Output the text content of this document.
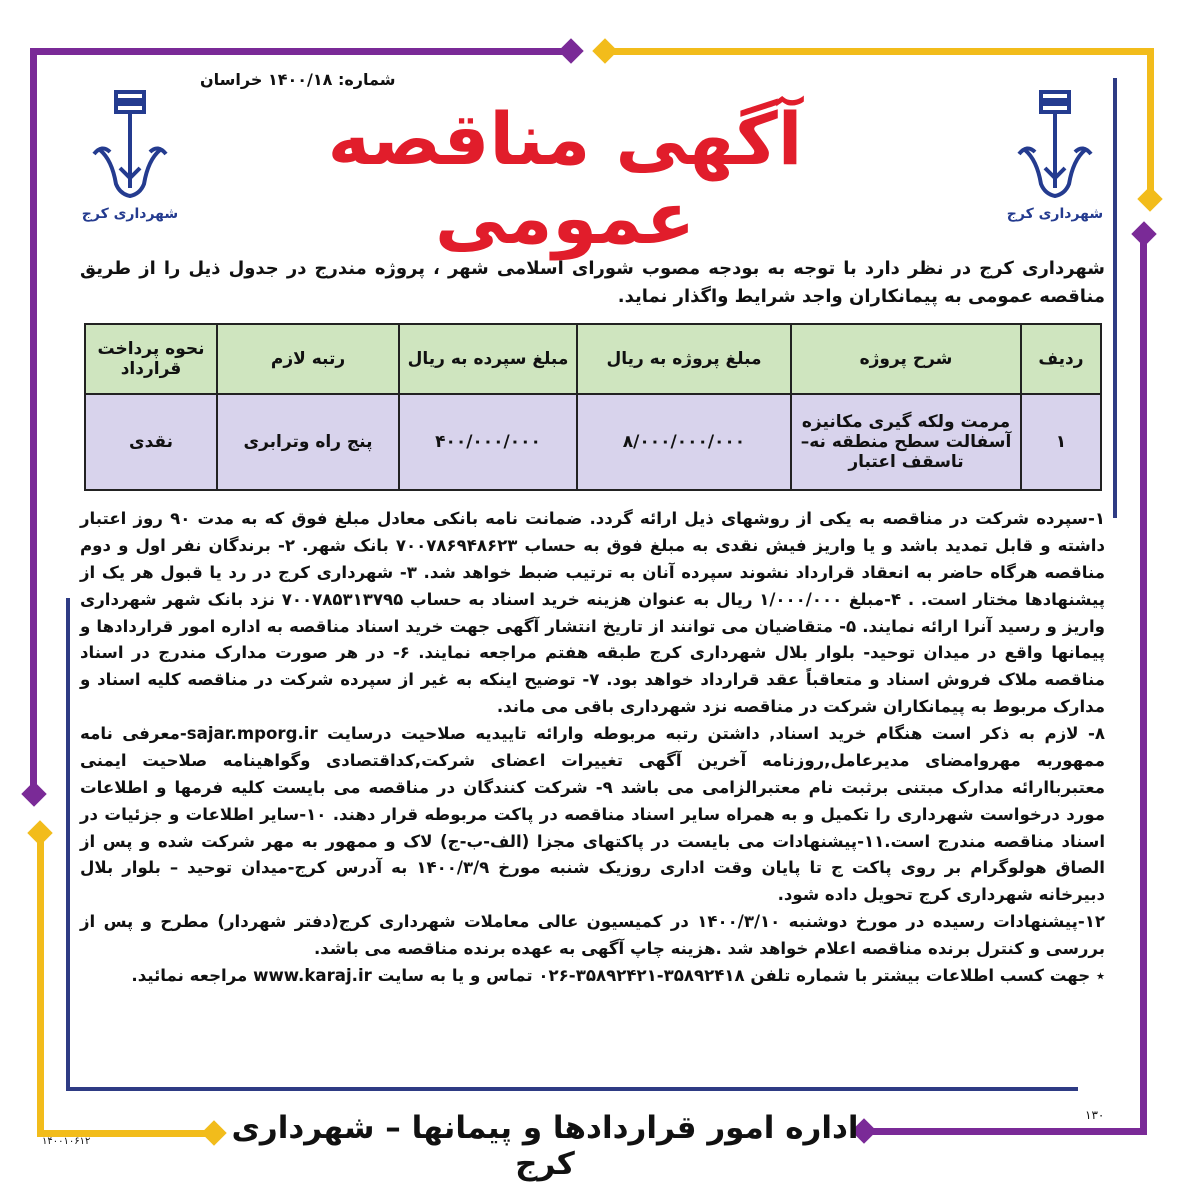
شماره: ۱۴۰۰/۱۸ خراسان
آگهی مناقصه عمومی
شهرداری کرج	شهرداری کرج
شهرداری کرج در نظر دارد با توجه به بودجه مصوب شورای اسلامی شهر ، پروژه مندرج در جدول ذیل را از طریق مناقصه عمومی به پیمانکاران واجد شرایط واگذار نماید.
ردیف	شرح پروژه	مبلغ پروژه به ریال	مبلغ سپرده به ریال	رتبه لازم	نحوه پرداخت قرارداد
۱	مرمت ولکه گیری مکانیزه آسفالت سطح منطقه نه– تاسقف اعتبار	۸/۰۰۰/۰۰۰/۰۰۰	۴۰۰/۰۰۰/۰۰۰	پنج راه وترابری	نقدی

۱-سپرده شرکت در مناقصه به یکی از روشهای ذیل ارائه گردد. ضمانت نامه بانکی معادل مبلغ فوق که به مدت ۹۰ روز اعتبار داشته و قابل تمدید باشد و یا واریز فیش نقدی به مبلغ فوق به حساب ۷۰۰۷۸۶۹۴۸۶۲۳ بانک شهر. ۲- برندگان نفر اول و دوم مناقصه هرگاه حاضر به انعقاد قرارداد نشوند سپرده آنان به ترتیب ضبط خواهد شد. ۳- شهرداری کرج در رد یا قبول هر یک از پیشنهادها مختار است. . ۴-مبلغ ۱/۰۰۰/۰۰۰ ریال به عنوان هزینه خرید اسناد به حساب ۷۰۰۷۸۵۳۱۳۷۹۵ نزد بانک شهر شهرداری واریز و رسید آنرا ارائه نمایند. ۵- متقاضیان می توانند از تاریخ انتشار آگهی جهت خرید اسناد مناقصه به اداره امور قراردادها و پیمانها واقع در میدان توحید- بلوار بلال شهرداری کرج طبقه هفتم مراجعه نمایند. ۶- در هر صورت مدارک مندرج در اسناد مناقصه ملاک فروش اسناد و متعاقباً عقد قرارداد خواهد بود. ۷- توضیح اینکه به غیر از سپرده شرکت در مناقصه کلیه اسناد و مدارک مربوط به پیمانکاران شرکت در مناقصه نزد شهرداری باقی می ماند.

۸- لازم به ذکر است هنگام خرید اسناد, داشتن رتبه مربوطه وارائه تاییدیه صلاحیت درسایت sajar.mporg.ir-معرفی نامه ممهوربه مهروامضای مدیرعامل,روزنامه آخرین آگهی تغییرات اعضای شرکت,کداقتصادی وگواهینامه صلاحیت ایمنی معتبرباارائه مدارک مبتنی برثبت نام معتبرالزامی می باشد ۹- شرکت کنندگان در مناقصه می بایست کلیه فرمها و اطلاعات مورد درخواست شهرداری را تکمیل و به همراه سایر اسناد مناقصه در پاکت مربوطه قرار دهند. ۱۰-سایر اطلاعات و جزئیات در اسناد مناقصه مندرج است.۱۱-پیشنهادات می بایست در پاکتهای مجزا (الف-ب-ج) لاک و ممهور به مهر شرکت شده و پس از الصاق هولوگرام بر روی پاکت ج تا پایان وقت اداری روزیک شنبه مورخ ۱۴۰۰/۳/۹ به آدرس کرج-میدان توحید – بلوار بلال دبیرخانه شهرداری کرج تحویل داده شود.

۱۲-پیشنهادات رسیده در مورخ دوشنبه ۱۴۰۰/۳/۱۰ در کمیسیون عالی معاملات شهرداری کرج(دفتر شهردار) مطرح و پس از بررسی و کنترل برنده مناقصه اعلام خواهد شد .هزینه چاپ آگهی به عهده برنده مناقصه می باشد.

٭ جهت کسب اطلاعات بیشتر با شماره تلفن ۳۵۸۹۲۴۱۸-۳۵۸۹۲۴۲۱-۰۲۶ تماس و یا به سایت www.karaj.ir مراجعه نمائید.

اداره امور قراردادها و پیمانها – شهرداری کرج
۱۳۰
۱۴۰۰۱۰۶۱۲
